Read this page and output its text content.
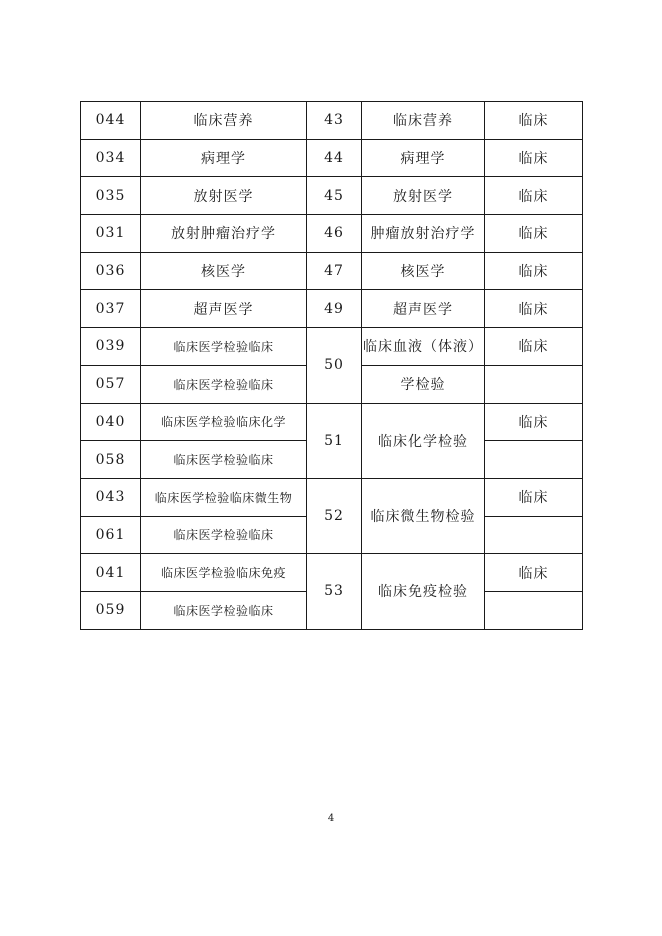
044	临床营养	43	临床营养	临床
034	病理学	44	病理学	临床
035	放射医学	45	放射医学	临床
031	放射肿瘤治疗学	46	肿瘤放射治疗学	临床
036	核医学	47	核医学	临床
037	超声医学	49	超声医学	临床
039	临床医学检验临床	50	临床血液（体液）	临床
057	临床医学检验临床		学检验	
040	临床医学检验临床化学	51	临床化学检验	临床
058	临床医学检验临床			
043	临床医学检验临床微生物	52	临床微生物检验	临床
061	临床医学检验临床			
041	临床医学检验临床免疫	53	临床免疫检验	临床
059	临床医学检验临床			
4
